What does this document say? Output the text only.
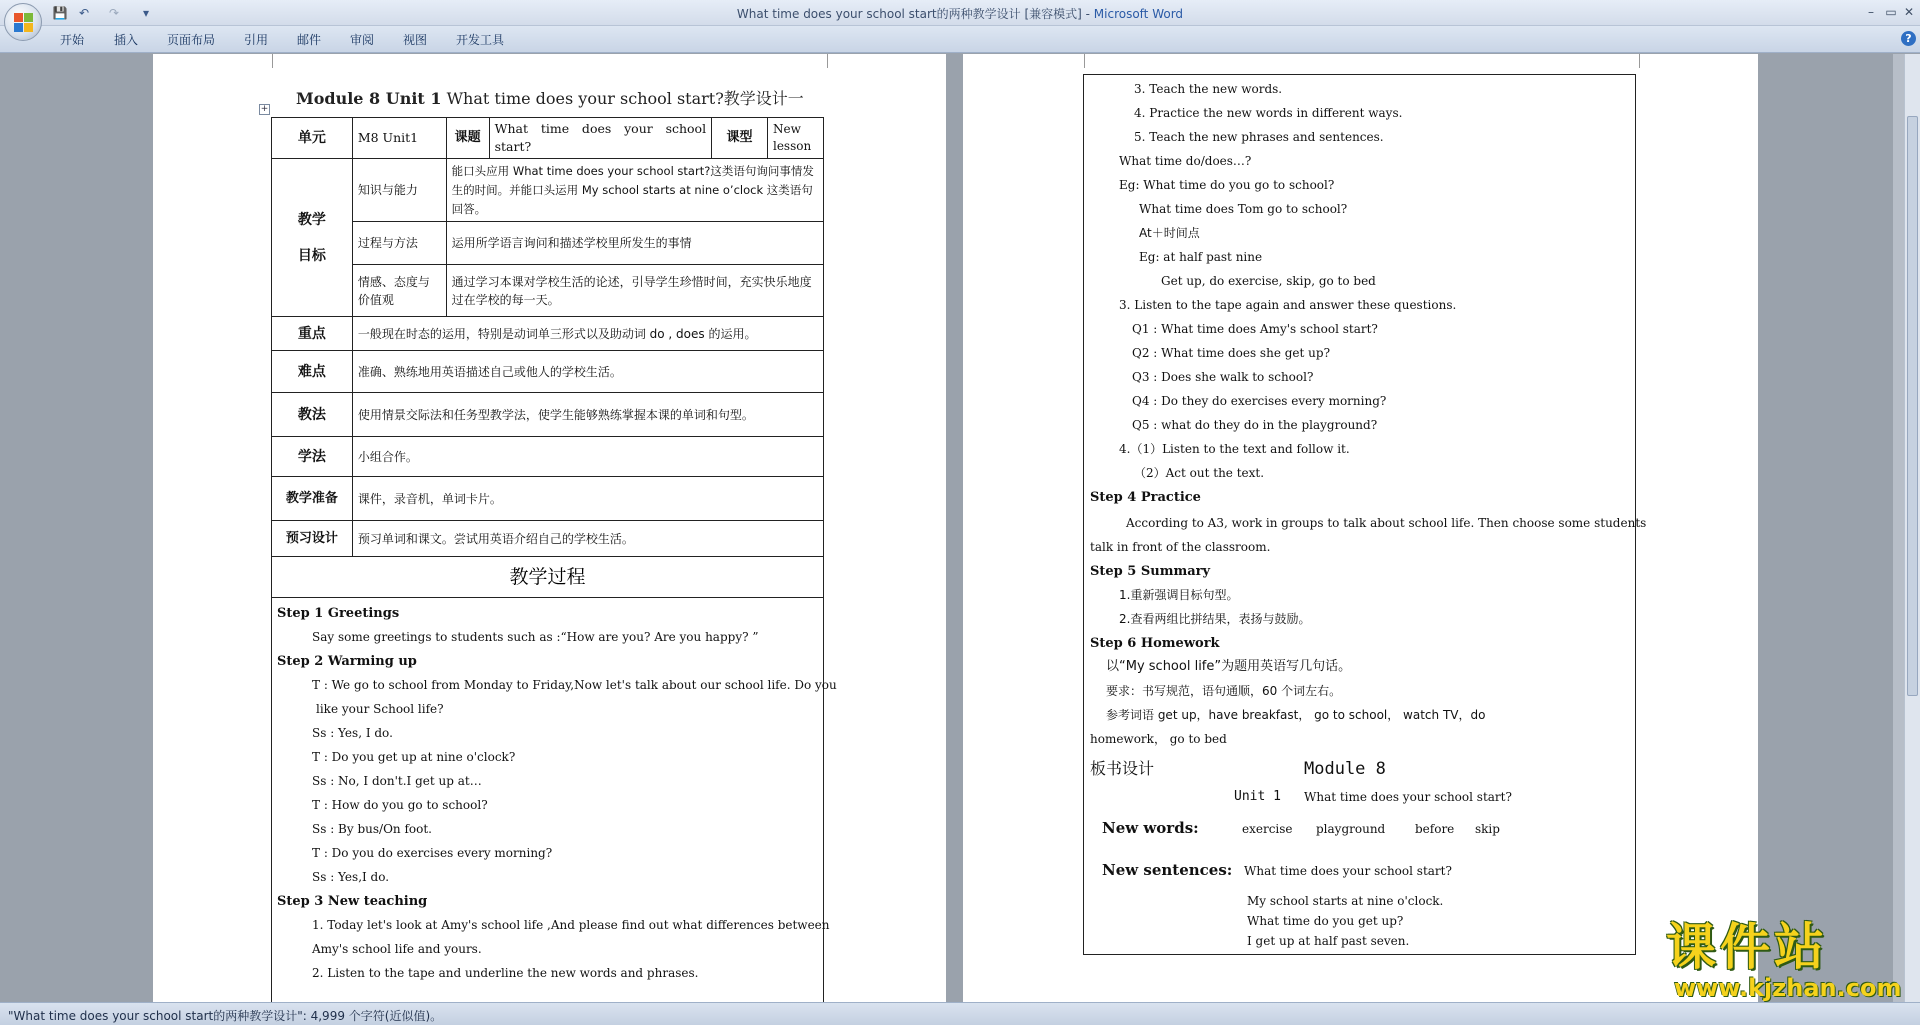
💾 ↶ ↷	▾	What time does your school start的两种教学设计 [兼容模式] - Microsoft Word	– ▭ ✕
开始 插入 页面布局 引用 邮件 审阅 视图 开发工具	?
Module 8 Unit 1 What time does your school start?教学设计一
+
单元	M8 Unit1	课题	What time does your school start?	课型	New lesson
教学

目标	知识与能力	能口头应用 What time does your school start?这类语句询问事情发生的时间。并能口头运用 My school starts at nine o’clock 这类语句回答。			
	过程与方法	运用所学语言询问和描述学校里所发生的事情			
	情感、态度与价值观	通过学习本课对学校生活的论述，引导学生珍惜时间，充实快乐地度过在学校的每一天。			
重点	一般现在时态的运用，特别是动词单三形式以及助动词 do , does 的运用。				
难点	准确、熟练地用英语描述自己或他人的学校生活。				
教法	使用情景交际法和任务型教学法，使学生能够熟练掌握本课的单词和句型。				
学法	小组合作。				
教学准备	课件，录音机，单词卡片。				
预习设计	预习单词和课文。尝试用英语介绍自己的学校生活。				
教学过程
Step 1 Greetings
Say some greetings to students such as :“How are you? Are you happy? ”
Step 2 Warming up
T : We go to school from Monday to Friday,Now let's talk about our school life. Do you
like your School life?
Ss : Yes, I do.
T : Do you get up at nine o'clock?
Ss : No, I don't.I get up at…
T : How do you go to school?
Ss : By bus/On foot.
T : Do you do exercises every morning?
Ss : Yes,I do.
Step 3 New teaching
1. Today let's look at Amy's school life ,And please find out what differences between
Amy's school life and yours.
2. Listen to the tape and underline the new words and phrases.
3. Teach the new words.
4. Practice the new words in different ways.
5. Teach the new phrases and sentences.
What time do/does…?
Eg: What time do you go to school?
What time does Tom go to school?
At＋时间点
Eg: at half past nine
Get up, do exercise, skip, go to bed
3. Listen to the tape again and answer these questions.
Q1 : What time does Amy's school start?
Q2 : What time does she get up?
Q3 : Does she walk to school?
Q4 : Do they do exercises every morning?
Q5 : what do they do in the playground?
4.（1）Listen to the text and follow it.
（2）Act out the text.
Step 4 Practice
According to A3, work in groups to talk about school life. Then choose some students
talk in front of the classroom.
Step 5 Summary
1.重新强调目标句型。
2.查看两组比拼结果，表扬与鼓励。
Step 6 Homework
以“My school life”为题用英语写几句话。
要求：书写规范，语句通顺，60 个词左右。
参考词语 get up，have breakfast， go to school， watch TV，do
homework， go to bed
板书设计	Module 8
Unit 1 What time does your school start?
New words:	exercise playground before skip
New sentences: What time does your school start?
My school starts at nine o'clock.
What time do you get up?
I get up at half past seven.
"What time does your school start的两种教学设计": 4,999 个字符(近似值)。
课件站
www.kjzhan.com
